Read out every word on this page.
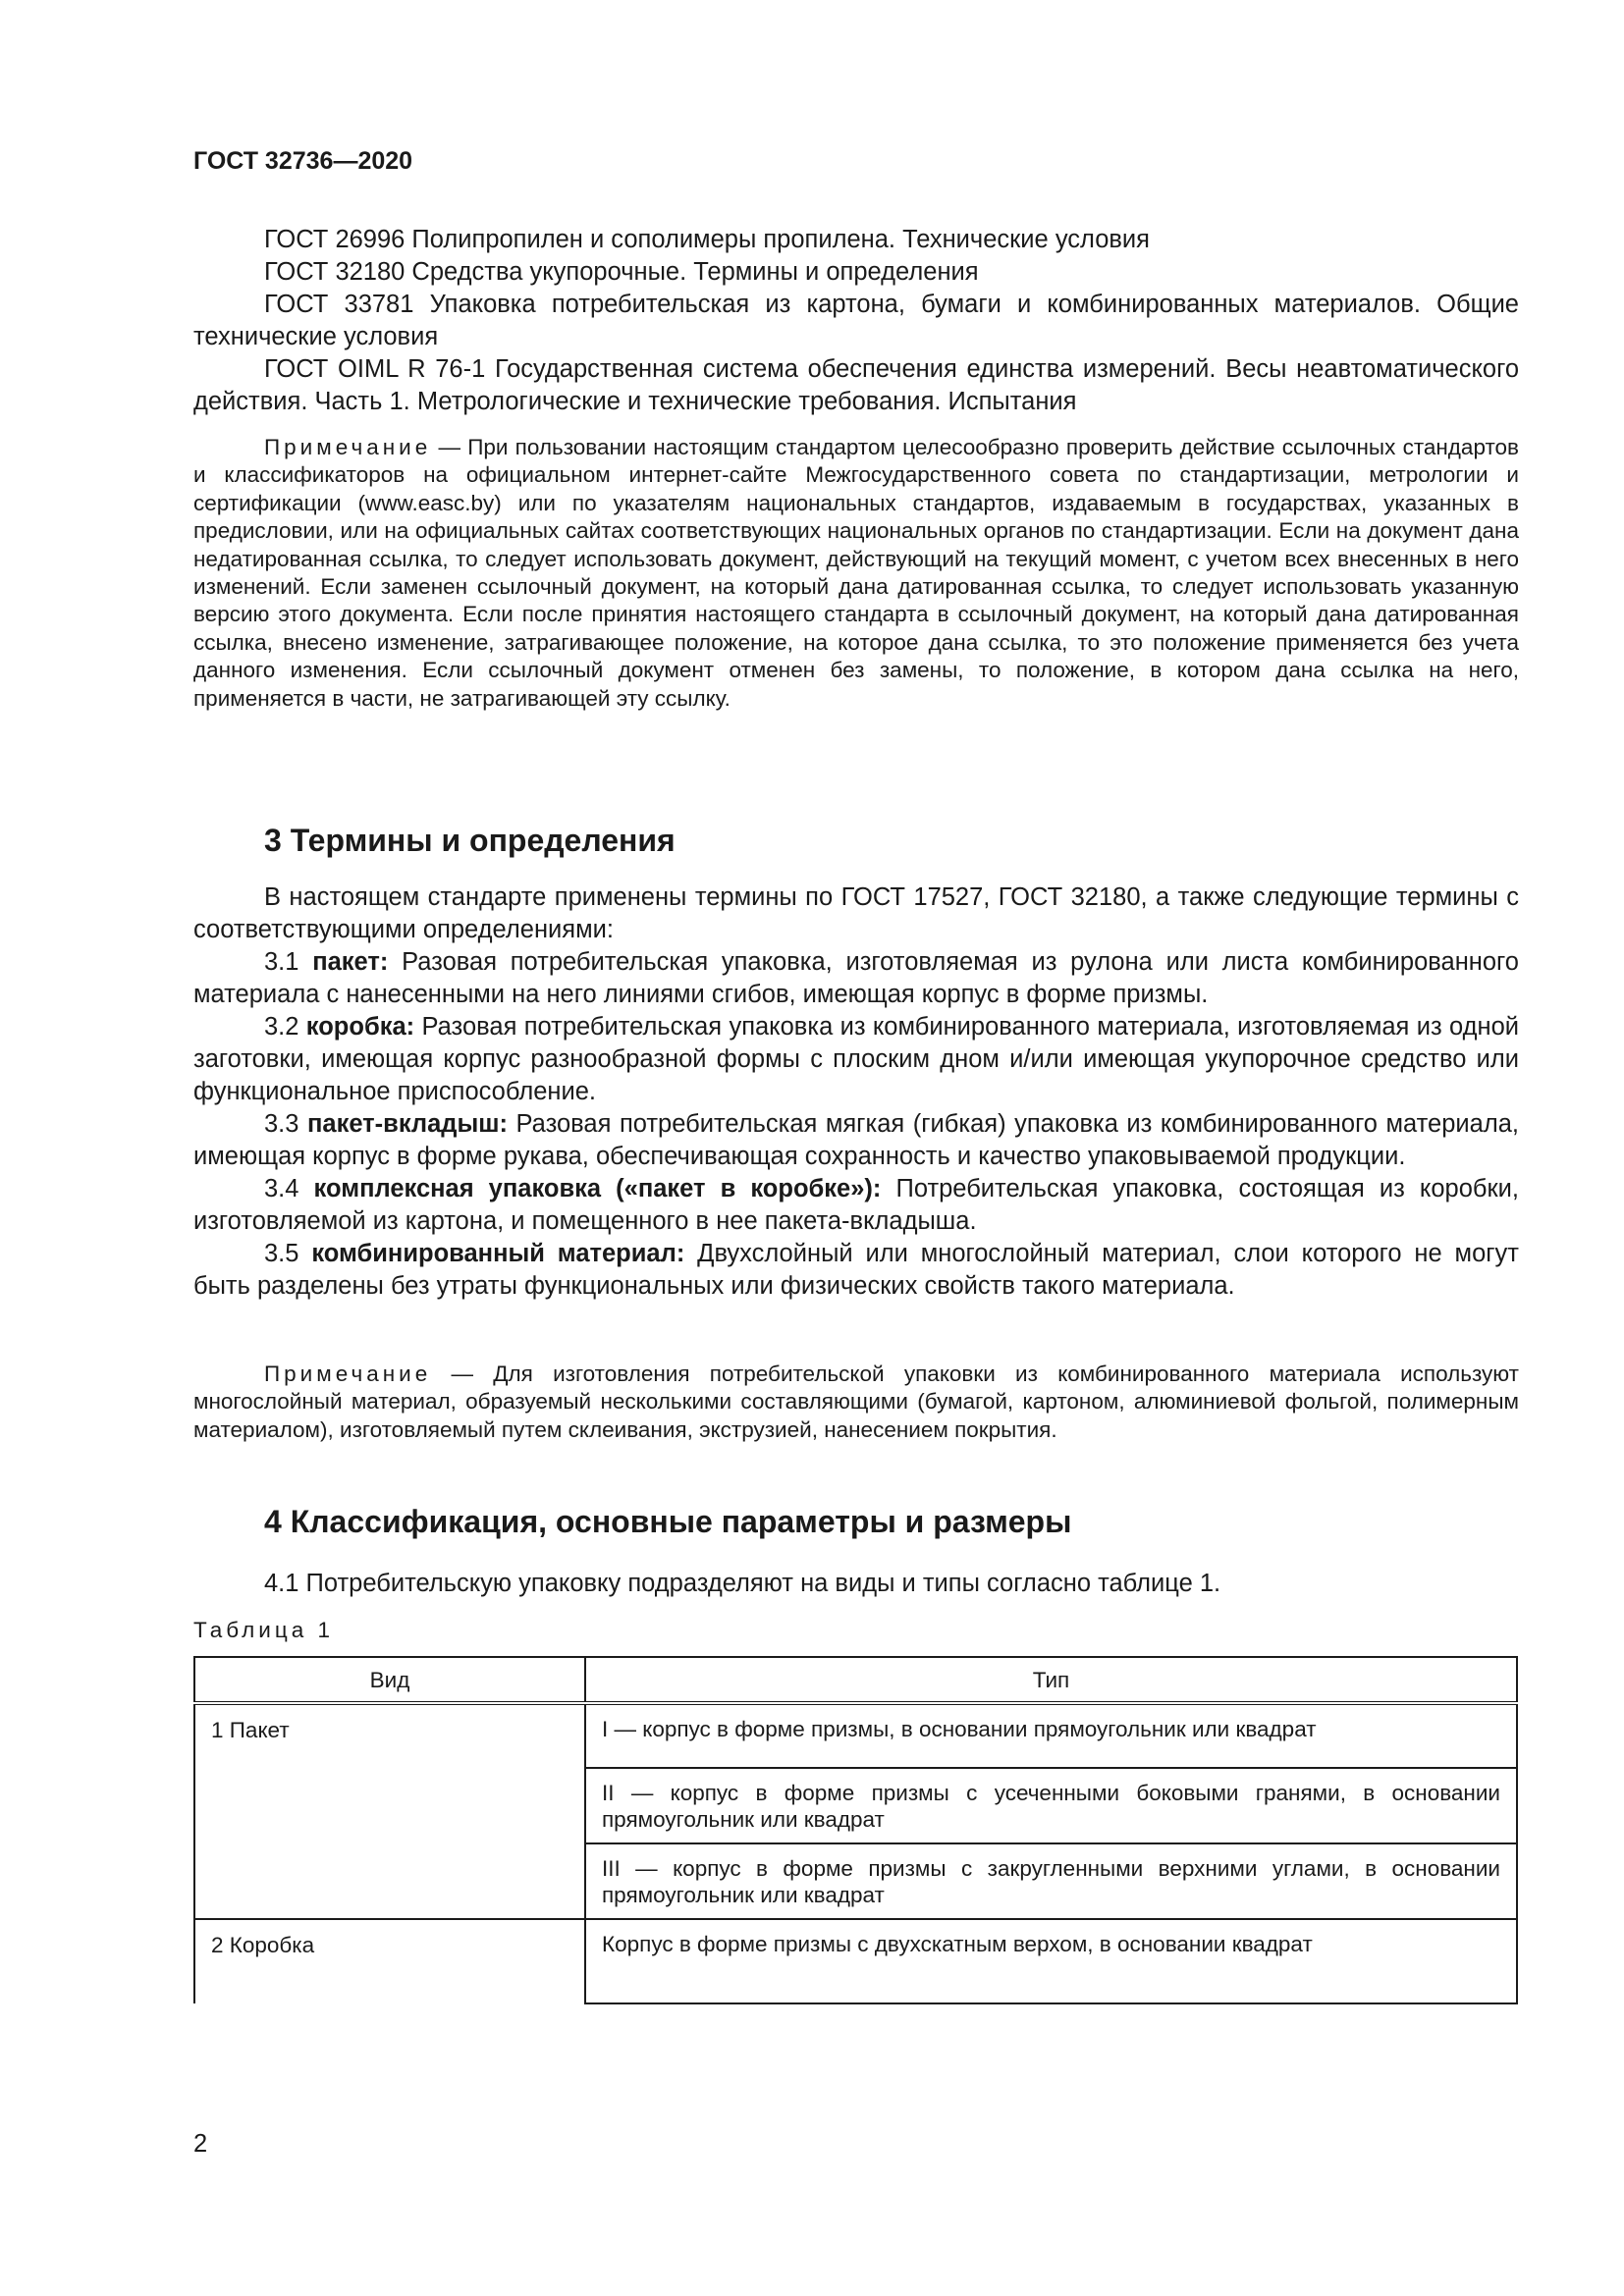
ГОСТ 32736—2020

ГОСТ 26996 Полипропилен и сополимеры пропилена. Технические условия

ГОСТ 32180 Средства укупорочные. Термины и определения

ГОСТ 33781 Упаковка потребительская из картона, бумаги и комбинированных материалов. Общие технические условия

ГОСТ OIML R 76-1 Государственная система обеспечения единства измерений. Весы неавтоматического действия. Часть 1. Метрологические и технические требования. Испытания

Примечание — При пользовании настоящим стандартом целесообразно проверить действие ссылочных стандартов и классификаторов на официальном интернет-сайте Межгосударственного совета по стандартизации, метрологии и сертификации (www.easc.by) или по указателям национальных стандартов, издаваемым в государствах, указанных в предисловии, или на официальных сайтах соответствующих национальных органов по стандартизации. Если на документ дана недатированная ссылка, то следует использовать документ, действующий на текущий момент, с учетом всех внесенных в него изменений. Если заменен ссылочный документ, на который дана датированная ссылка, то следует использовать указанную версию этого документа. Если после принятия настоящего стандарта в ссылочный документ, на который дана датированная ссылка, внесено изменение, затрагивающее положение, на которое дана ссылка, то это положение применяется без учета данного изменения. Если ссылочный документ отменен без замены, то положение, в котором дана ссылка на него, применяется в части, не затрагивающей эту ссылку.

3 Термины и определения

В настоящем стандарте применены термины по ГОСТ 17527, ГОСТ 32180, а также следующие термины с соответствующими определениями:

3.1 пакет: Разовая потребительская упаковка, изготовляемая из рулона или листа комбинированного материала с нанесенными на него линиями сгибов, имеющая корпус в форме призмы.

3.2 коробка: Разовая потребительская упаковка из комбинированного материала, изготовляемая из одной заготовки, имеющая корпус разнообразной формы с плоским дном и/или имеющая укупорочное средство или функциональное приспособление.

3.3 пакет-вкладыш: Разовая потребительская мягкая (гибкая) упаковка из комбинированного материала, имеющая корпус в форме рукава, обеспечивающая сохранность и качество упаковываемой продукции.

3.4 комплексная упаковка («пакет в коробке»): Потребительская упаковка, состоящая из коробки, изготовляемой из картона, и помещенного в нее пакета-вкладыша.

3.5 комбинированный материал: Двухслойный или многослойный материал, слои которого не могут быть разделены без утраты функциональных или физических свойств такого материала.

Примечание — Для изготовления потребительской упаковки из комбинированного материала используют многослойный материал, образуемый несколькими составляющими (бумагой, картоном, алюминиевой фольгой, полимерным материалом), изготовляемый путем склеивания, экструзией, нанесением покрытия.

4 Классификация, основные параметры и размеры

4.1 Потребительскую упаковку подразделяют на виды и типы согласно таблице 1.

Таблица 1
Вид	Тип
1 Пакет	I — корпус в форме призмы, в основании прямоугольник или квадрат
	II — корпус в форме призмы с усеченными боковыми гранями, в основании прямоугольник или квадрат
	III — корпус в форме призмы с закругленными верхними углами, в основании прямоугольник или квадрат
2 Коробка	Корпус в форме призмы с двухскатным верхом, в основании квадрат
2
